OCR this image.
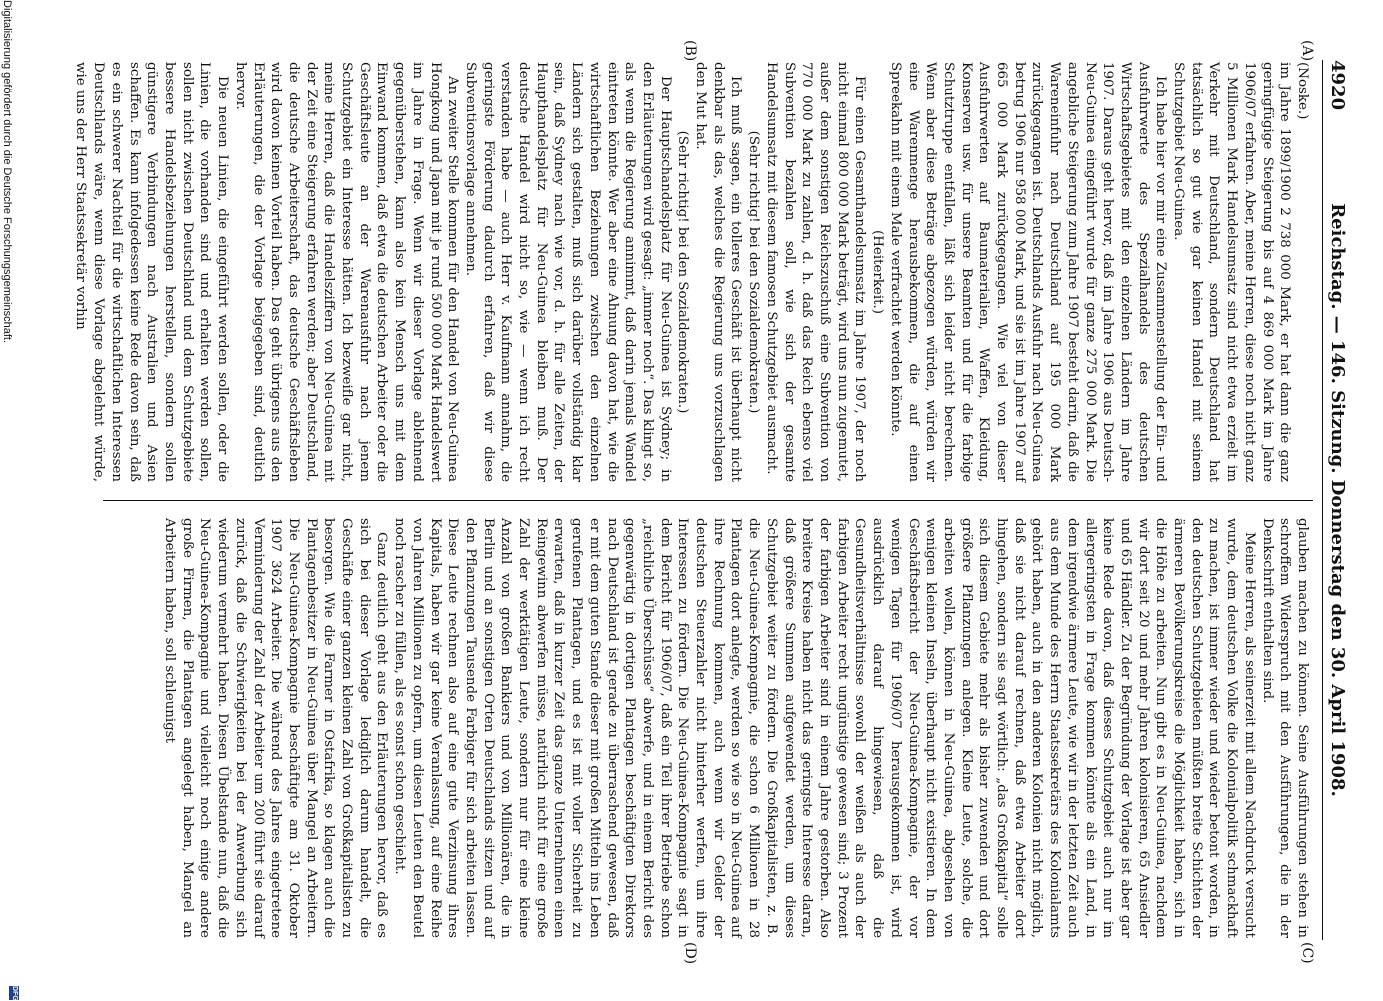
4920
Reichstag. — 146. Sitzung. Donnerstag den 30. April 1908.
(A)
(B)
(C)
(D)

(Noske.)

im Jahre 1899/1900 2 738 000 Mark, er hat dann die ganz geringfügige Steigerung bis auf 4 869 000 Mark im Jahre 1906/07 erfahren. Aber, meine Herren, diese noch nicht ganz 5 Millionen Mark Handelsumsatz sind nicht etwa erzielt im Verkehr mit Deutschland, sondern Deutschland hat tatsächlich so gut wie gar keinen Handel mit seinem Schutzgebiet Neu-Guinea.

Ich habe hier vor mir eine Zusammenstellung der Ein- und Ausfuhrwerte des Spezialhandels des deutschen Wirtschaftsgebietes mit den einzelnen Ländern im Jahre 1907. Daraus geht hervor, daß im Jahre 1906 aus Deutsch-Neu-Guinea eingeführt wurde für ganze 275 000 Mark. Die angebliche Steigerung zum Jahre 1907 besteht darin, daß die Wareneinfuhr nach Deutschland auf 195 000 Mark zurückgegangen ist. Deutschlands Ausfuhr nach Neu-Guinea betrug 1906 nur 958 000 Mark, und sie ist im Jahre 1907 auf 665 000 Mark zurückgegangen. Wie viel von dieser Ausfuhrwerten auf Baumaterialien, Waffen, Kleidung, Konserven usw. für unsere Beamten und für die farbige Schutztruppe entfallen, läßt sich leider nicht berechnen. Wenn aber diese Beträge abgezogen würden, würden wir eine Warenmenge herausbekommen, die auf einen Spreekahn mit einem Male verfrachtet werden könnte.

(Heiterkeit.)

Für einen Gesamthandelsumsatz im Jahre 1907, der noch nicht einmal 800 000 Mark beträgt, wird uns nun zugemutet, außer dem sonstigen Reichszuschuß eine Subvention von 770 000 Mark zu zahlen, d. h. daß das Reich ebenso viel Subvention bezahlen soll, wie sich der gesamte Handelsumsatz mit diesem famosen Schutzgebiet ausmacht.

(Sehr richtig! bei den Sozialdemokraten.)

Ich muß sagen, ein tolleres Geschäft ist überhaupt nicht denkbar als das, welches die Regierung uns vorzuschlagen den Mut hat.

(Sehr richtig! bei den Sozialdemokraten.)

Der Hauptschandelsplatz für Neu-Guinea ist Sydney; in den Erläuterungen wird gesagt: „immer noch“. Das klingt so, als wenn die Regierung annimmt, daß darin jemals Wandel eintreten könnte. Wer aber eine Ahnung davon hat, wie die wirtschaftlichen Beziehungen zwischen den einzelnen Ländern sich gestalten, muß sich darüber vollständig klar sein, daß Sydney nach wie vor, d. h. für alle Zeiten, der Haupthandelsplatz für Neu-Guinea bleiben muß. Der deutsche Handel wird nicht so, wie — wenn ich recht verstanden habe — auch Herr v. Kaufmann annahm, die geringste Förderung dadurch erfahren, daß wir diese Subventionsvorlage annehmen.

An zweiter Stelle kommen für den Handel von Neu-Guinea Hongkong und Japan mit je rund 500 000 Mark Handelswert im Jahre in Frage. Wenn wir dieser Vorlage ablehnend gegenüberstehen, kann also kein Mensch uns mit dem Einwand kommen, daß etwa die deutschen Arbeiter oder die Geschäftsleute an der Warenausfuhr nach jenem Schutzgebiet ein Interesse hätten. Ich bezweifle gar nicht, meine Herren, daß die Handelsziffern von Neu-Guinea mit der Zeit eine Steigerung erfahren werden; aber Deutschland, die deutsche Arbeiterschaft, das deutsche Geschäftsleben wird davon keinen Vorteil haben. Das geht übrigens aus den Erläuterungen, die der Vorlage beigegeben sind, deutlich hervor.

Die neuen Linien, die eingeführt werden sollen, oder die Linien, die vorhanden sind und erhalten werden sollen, sollen nicht zwischen Deutschland und dem Schutzgebiete bessere Handelsbeziehungen herstellen, sondern sollen günstigere Verbindungen nach Australien und Asien schaffen. Es kann infolgedessen keine Rede davon sein, daß es ein schwerer Nachteil für die wirtschaftlichen Interessen Deutschlands wäre, wenn diese Vorlage abgelehnt würde, wie uns der Herr Staatssekretär vorhin

glauben machen zu können. Seine Ausführungen stehen in schroffem Widerspruch mit den Ausführungen, die in der Denkschrift enthalten sind.

Meine Herren, als seinerzeit mit allem Nachdruck versucht wurde, dem deutschen Volke die Kolonialpolitik schmackhaft zu machen, ist immer wieder und wieder betont worden, in den deutschen Schutzgebieten müßten breite Schichten der ärmeren Bevölkerungskreise die Möglichkeit haben, sich in die Höhe zu arbeiten. Nun gibt es in Neu-Guinea, nachdem wir dort seit 20 und mehr Jahren kolonisieren, 65 Ansiedler und 65 Händler. Zu der Begründung der Vorlage ist aber gar keine Rede davon, daß dieses Schutzgebiet auch nur im allergeringsten in Frage kommen könnte als ein Land, in dem irgendwie ärmere Leute, wie wir in der letzten Zeit auch aus dem Munde des Herrn Staatssekretärs des Kolonialamts gehört haben, auch in den anderen Kolonien nicht möglich, daß sie nicht darauf rechnen, daß etwa Arbeiter dort hingehen, sondern sie sagt wörtlich: „das Großkapital“ solle sich diesem Gebiete mehr als bisher zuwenden und dort größere Pflanzungen anlegen. Kleine Leute, solche, die arbeiten wollen, können in Neu-Guinea, abgesehen von wenigen kleinen Inseln, überhaupt nicht existieren. In dem Geschäftsbericht der Neu-Guinea-Kompagnie, der vor wenigen Tagen für 1906/07 herausgekommen ist, wird ausdrücklich darauf hingewiesen, daß die Gesundheitsverhältnisse sowohl der weißen als auch der farbigen Arbeiter recht ungünstige gewesen sind; 3 Prozent der farbigen Arbeiter sind in einem Jahre gestorben. Also breitere Kreise haben nicht das geringste Interesse daran, daß größere Summen aufgewendet werden, um dieses Schutzgebiet weiter zu fördern. Die Großkapitalisten, z. B. die Neu-Guinea-Kompagnie, die schon 6 Millionen in 28 Plantagen dort anlegte, werden so wie so in Neu-Guinea auf ihre Rechnung kommen, auch wenn wir Gelder der deutschen Steuerzahler nicht hinterher werfen, um ihre Interessen zu fördern. Die Neu-Guinea-Kompagnie sagt in dem Bericht für 1906/07, daß ein Teil ihrer Betriebe schon „reichliche Überschüsse“ abwerfe, und in einem Bericht des gegenwärtig in dortigen Plantagen beschäftigten Direktors nach Deutschland ist gerade zu überraschend gewesen, daß er mit dem guten Stande dieser mit großen Mitteln ins Leben gerufenen Plantagen, und es ist mit voller Sicherheit zu erwarten, daß in kurzer Zeit das ganze Unternehmen einen Reingewinn abwerfen müsse, natürlich nicht für eine große Zahl der werktätigen Leute, sondern nur für eine kleine Anzahl von großen Bankiers und von Millionären, die in Berlin und an sonstigen Orten Deutschlands sitzen und auf den Pflanzungen Tausende Farbiger für sich arbeiten lassen. Diese Leute rechnen also auf eine gute Verzinsung ihres Kapitals, haben wir gar keine Veranlassung, auf eine Reihe von Jahren Millionen zu opfern, um diesen Leuten den Beutel noch rascher zu füllen, als es sonst schon geschieht.

Ganz deutlich geht aus den Erläuterungen hervor, daß es sich bei dieser Vorlage lediglich darum handelt, die Geschäfte einer ganzen kleinen Zahl von Großkapitalisten zu besorgen. Wie die Farmer in Ostafrika, so klagen auch die Plantagenbesitzer in Neu-Guinea über Mangel an Arbeitern. Die Neu-Guinea-Kompagnie beschäftigte am 31. Oktober 1907 3624 Arbeiter. Die während des Jahres eingetretene Verminderung der Zahl der Arbeiter um 200 führt sie darauf zurück, daß die Schwierigkeiten bei der Anwerbung sich wiederum vermehrt haben. Diesen Übelstande nun, daß die Neu-Guinea-Kompagnie und vielleicht noch einige andere große Firmen, die Plantagen angelegt haben, Mangel an Arbeitern haben, soll schleunigst

Digitalisierung gefördert durch die Deutsche Forschungsgemeinschaft.
DFG
